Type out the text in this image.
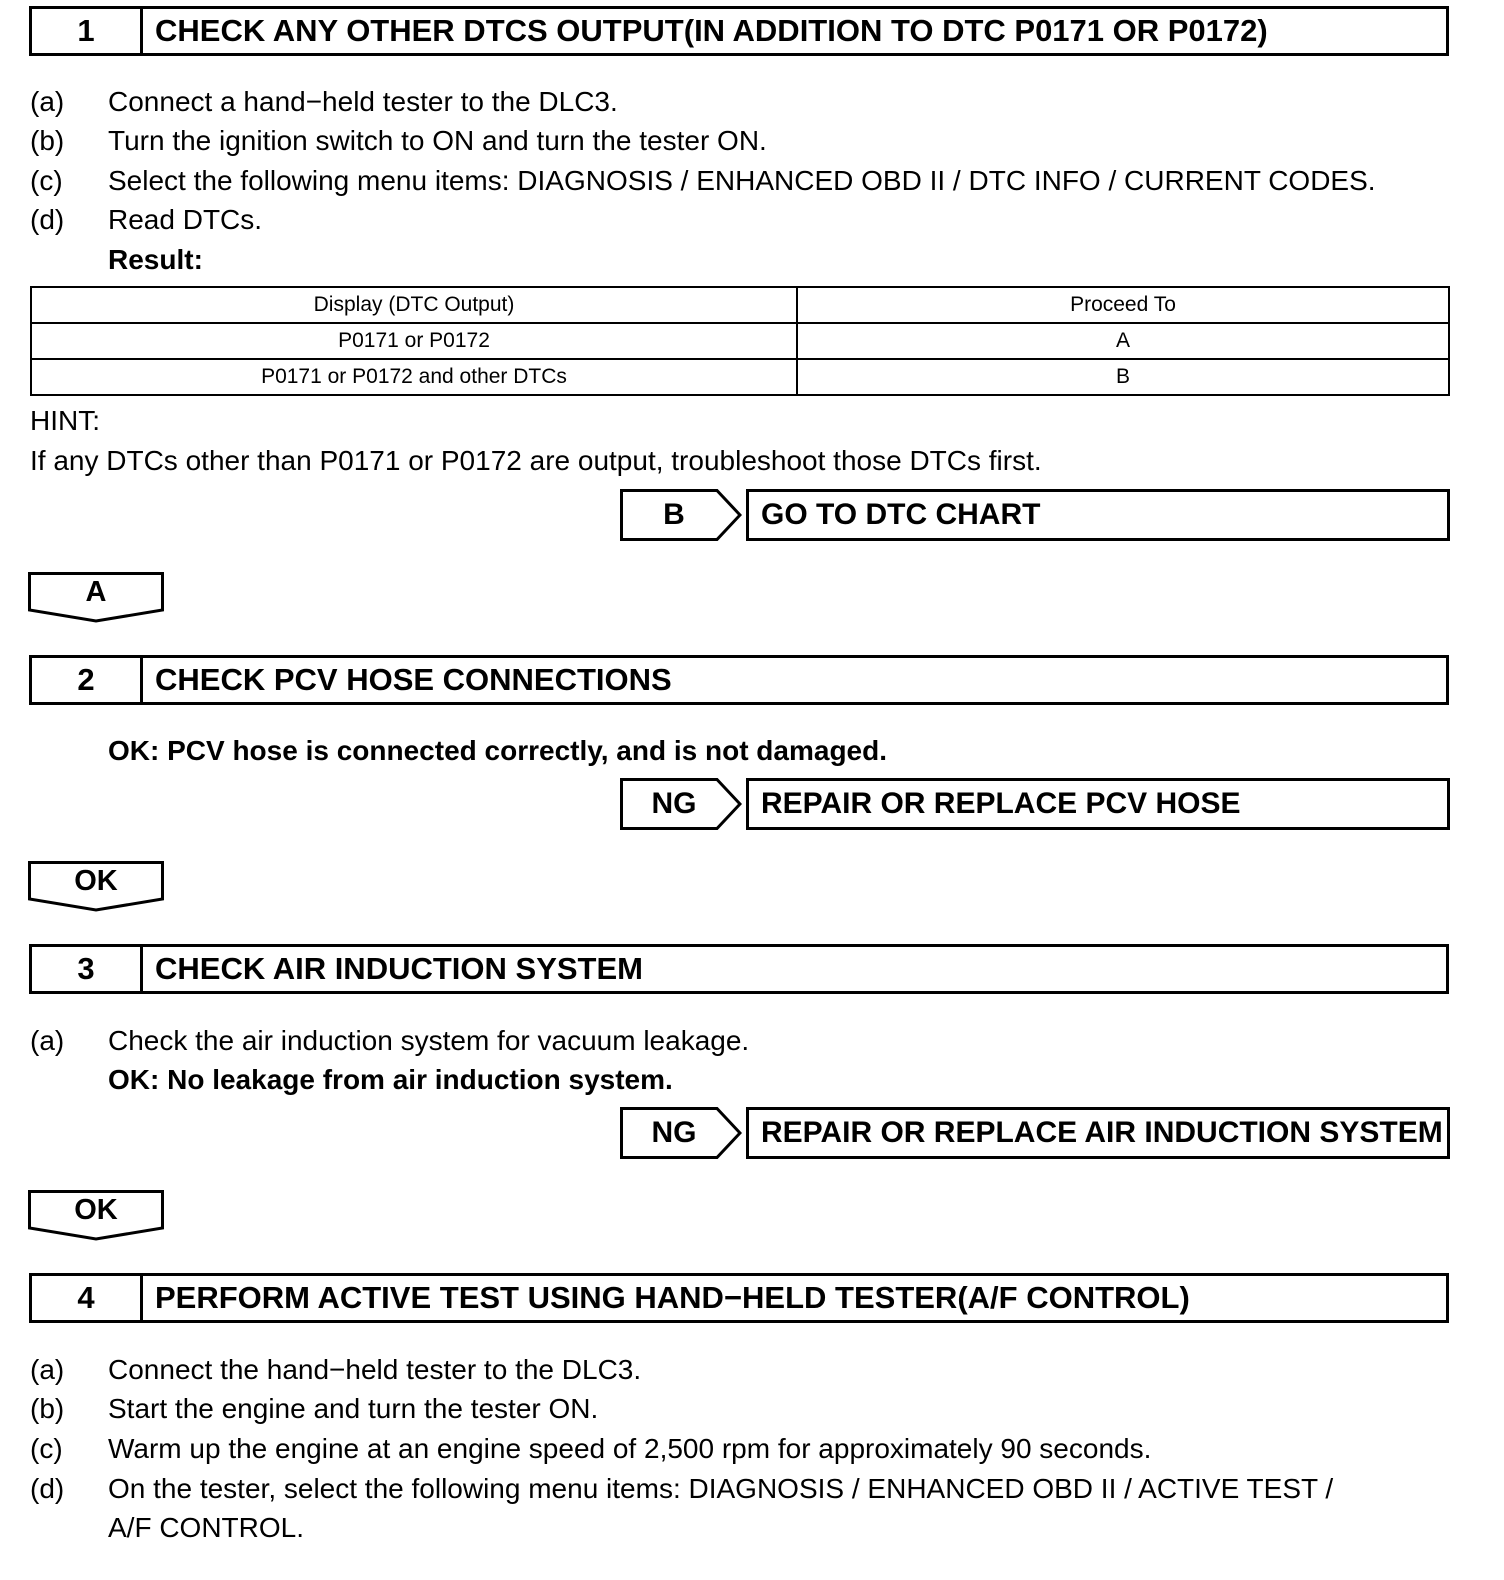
1	CHECK ANY OTHER DTCS OUTPUT(IN ADDITION TO DTC P0171 OR P0172)
(a) Connect a hand−held tester to the DLC3.
(b) Turn the ignition switch to ON and turn the tester ON.
(c) Select the following menu items: DIAGNOSIS / ENHANCED OBD II / DTC INFO / CURRENT CODES.
(d) Read DTCs.
Result:
Display (DTC Output)	Proceed To
P0171 or P0172	A
P0171 or P0172 and other DTCs	B
HINT:
If any DTCs other than P0171 or P0172 are output, troubleshoot those DTCs first.
B	GO TO DTC CHART
A
2	CHECK PCV HOSE CONNECTIONS
OK: PCV hose is connected correctly, and is not damaged.
NG	REPAIR OR REPLACE PCV HOSE
OK
3	CHECK AIR INDUCTION SYSTEM
(a) Check the air induction system for vacuum leakage.
OK: No leakage from air induction system.
NG	REPAIR OR REPLACE AIR INDUCTION SYSTEM
OK
4	PERFORM ACTIVE TEST USING HAND−HELD TESTER(A/F CONTROL)
(a) Connect the hand−held tester to the DLC3.
(b) Start the engine and turn the tester ON.
(c) Warm up the engine at an engine speed of 2,500 rpm for approximately 90 seconds.
(d) On the tester, select the following menu items: DIAGNOSIS / ENHANCED OBD II / ACTIVE TEST /
A/F CONTROL.
